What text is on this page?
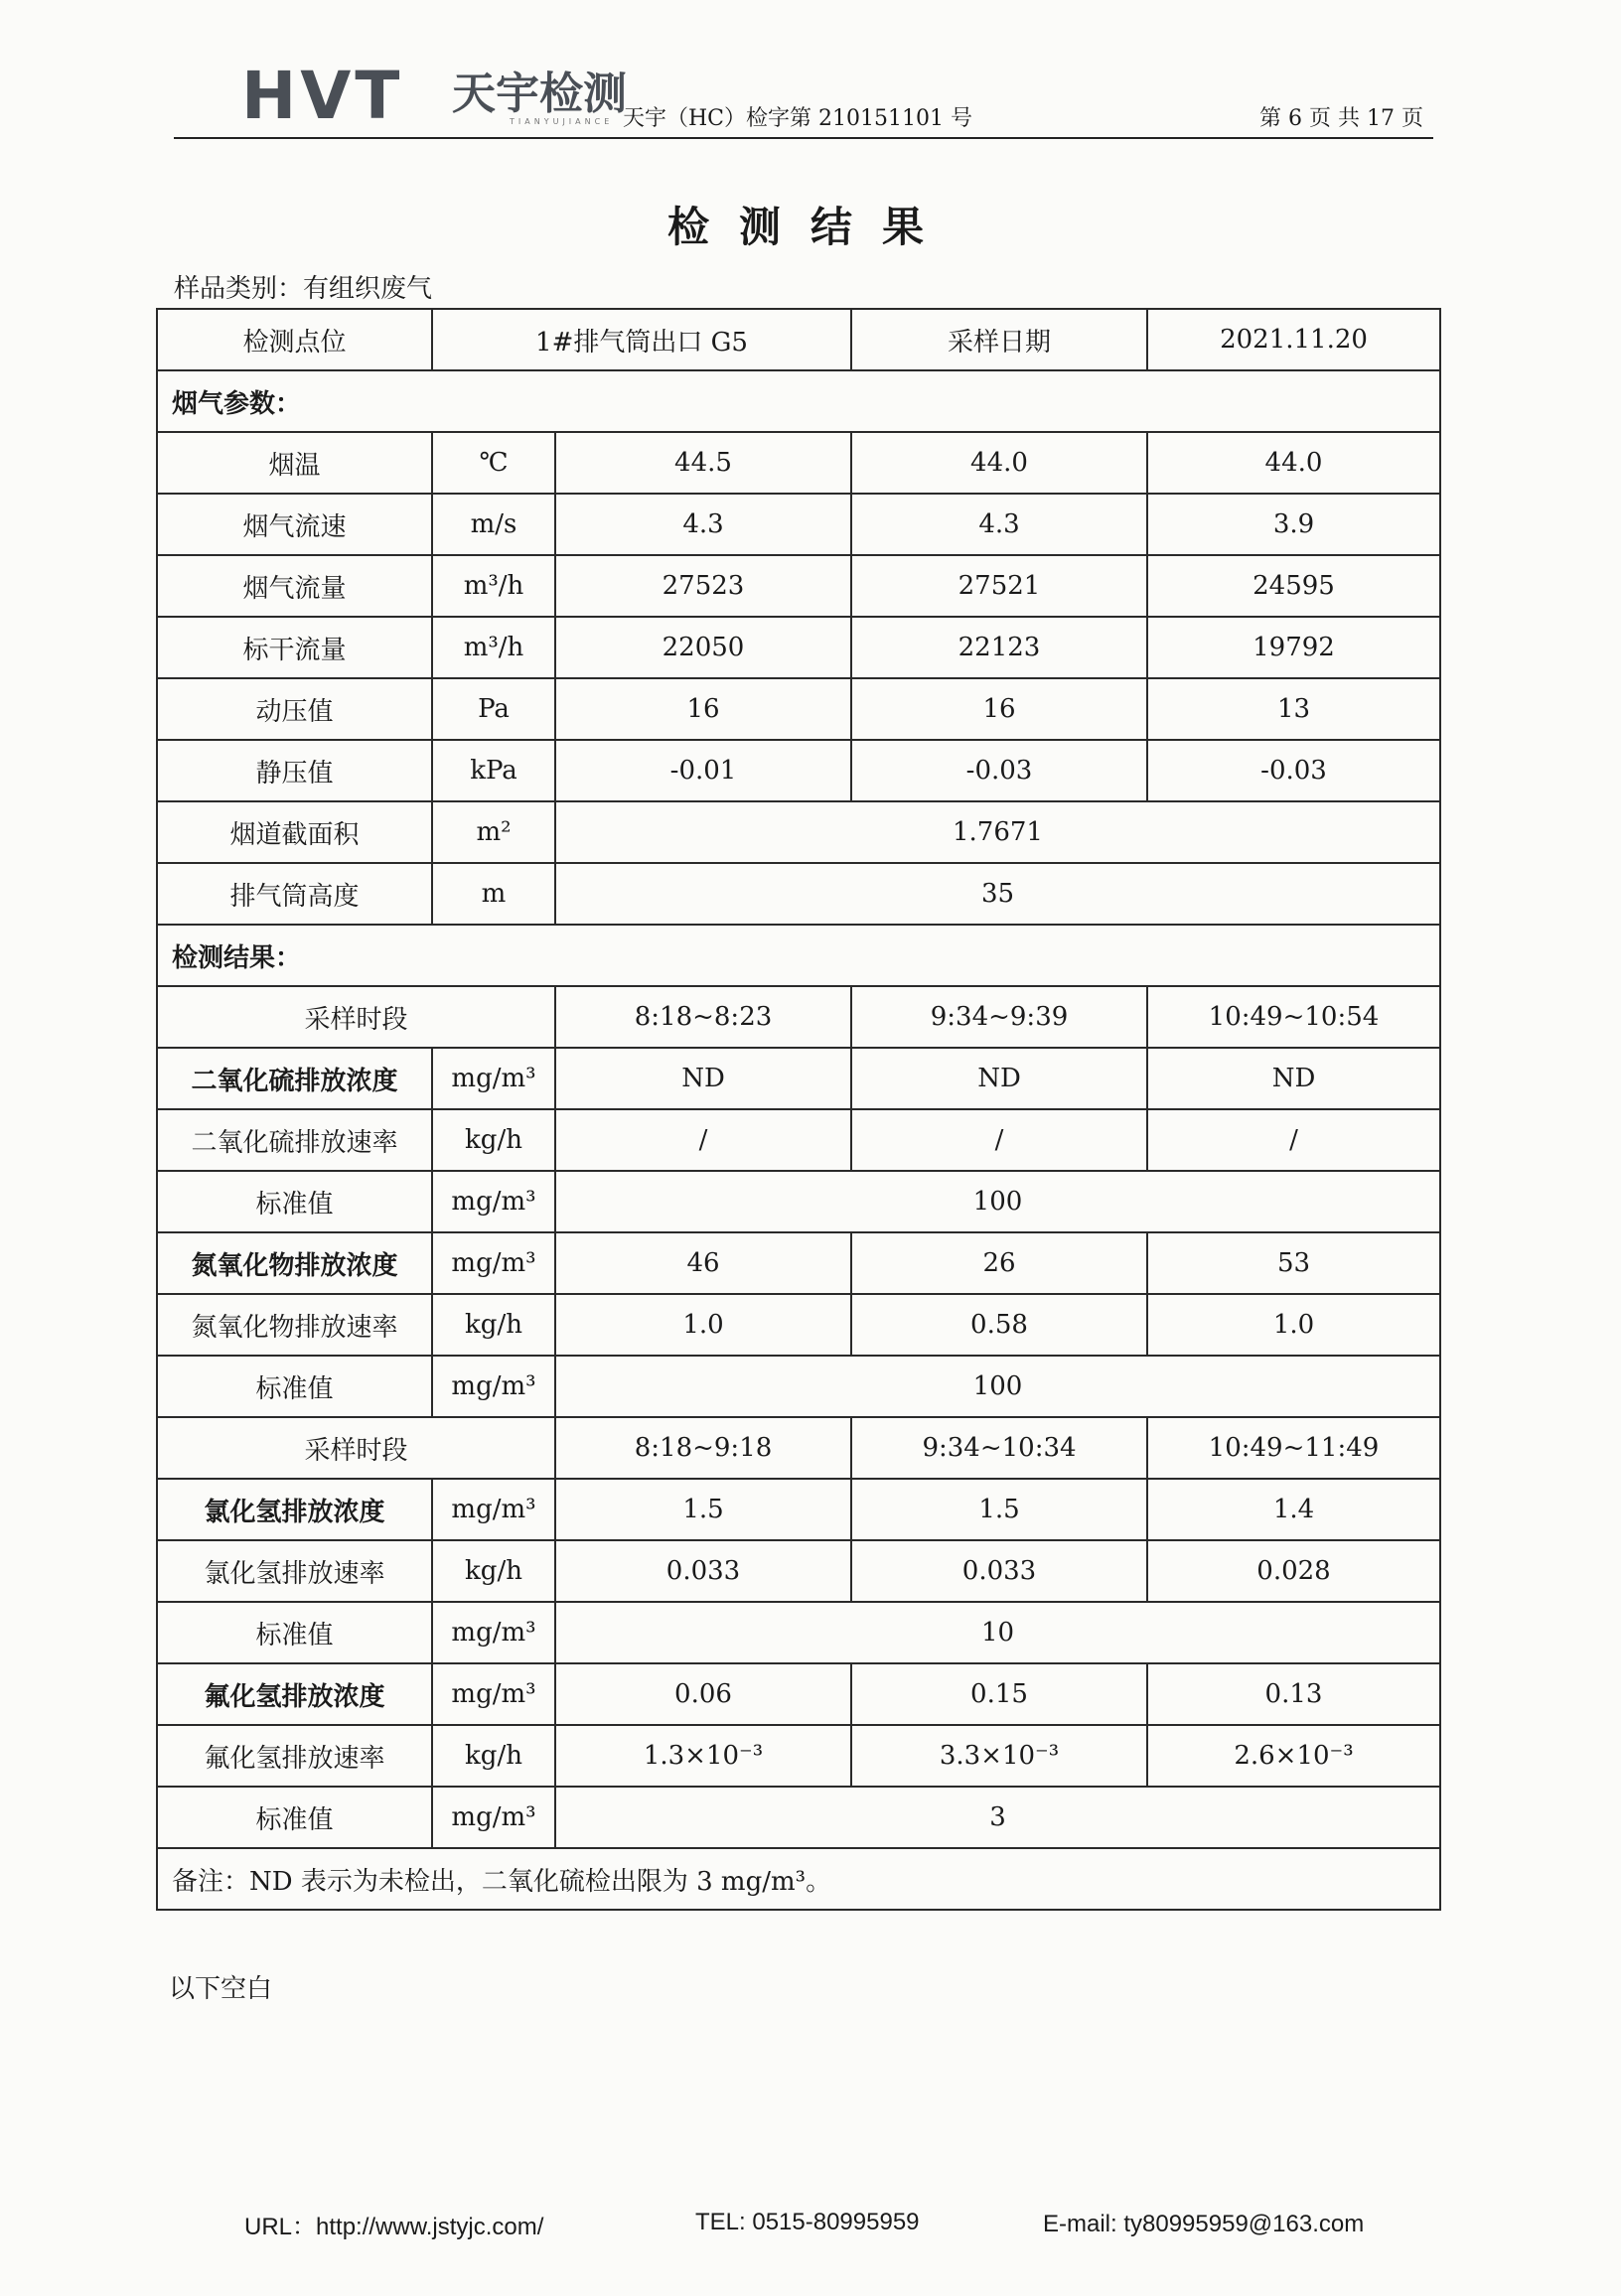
HVT 天宇检测
TIANYUJIANCE 天宇（HC）检字第 210151101 号	第 6 页 共 17 页
检测结果
样品类别：有组织废气
检测点位	1#排气筒出口 G5		采样日期	2021.11.20
烟气参数：				
烟温	℃	44.5	44.0	44.0
烟气流速	m/s	4.3	4.3	3.9
烟气流量	m³/h	27523	27521	24595
标干流量	m³/h	22050	22123	19792
动压值	Pa	16	16	13
静压值	kPa	-0.01	-0.03	-0.03
烟道截面积	m²	1.7671		
排气筒高度	m	35		
检测结果：				
采样时段		8:18~8:23	9:34~9:39	10:49~10:54
二氧化硫排放浓度	mg/m³	ND	ND	ND
二氧化硫排放速率	kg/h	/	/	/
标准值	mg/m³	100		
氮氧化物排放浓度	mg/m³	46	26	53
氮氧化物排放速率	kg/h	1.0	0.58	1.0
标准值	mg/m³	100		
采样时段		8:18~9:18	9:34~10:34	10:49~11:49
氯化氢排放浓度	mg/m³	1.5	1.5	1.4
氯化氢排放速率	kg/h	0.033	0.033	0.028
标准值	mg/m³	10		
氟化氢排放浓度	mg/m³	0.06	0.15	0.13
氟化氢排放速率	kg/h	1.3×10⁻³	3.3×10⁻³	2.6×10⁻³
标准值	mg/m³	3		
备注：ND 表示为未检出，二氧化硫检出限为 3 mg/m³。				
以下空白
URL：http://www.jstyjc.com/	TEL: 0515-80995959	E-mail: ty80995959@163.com
